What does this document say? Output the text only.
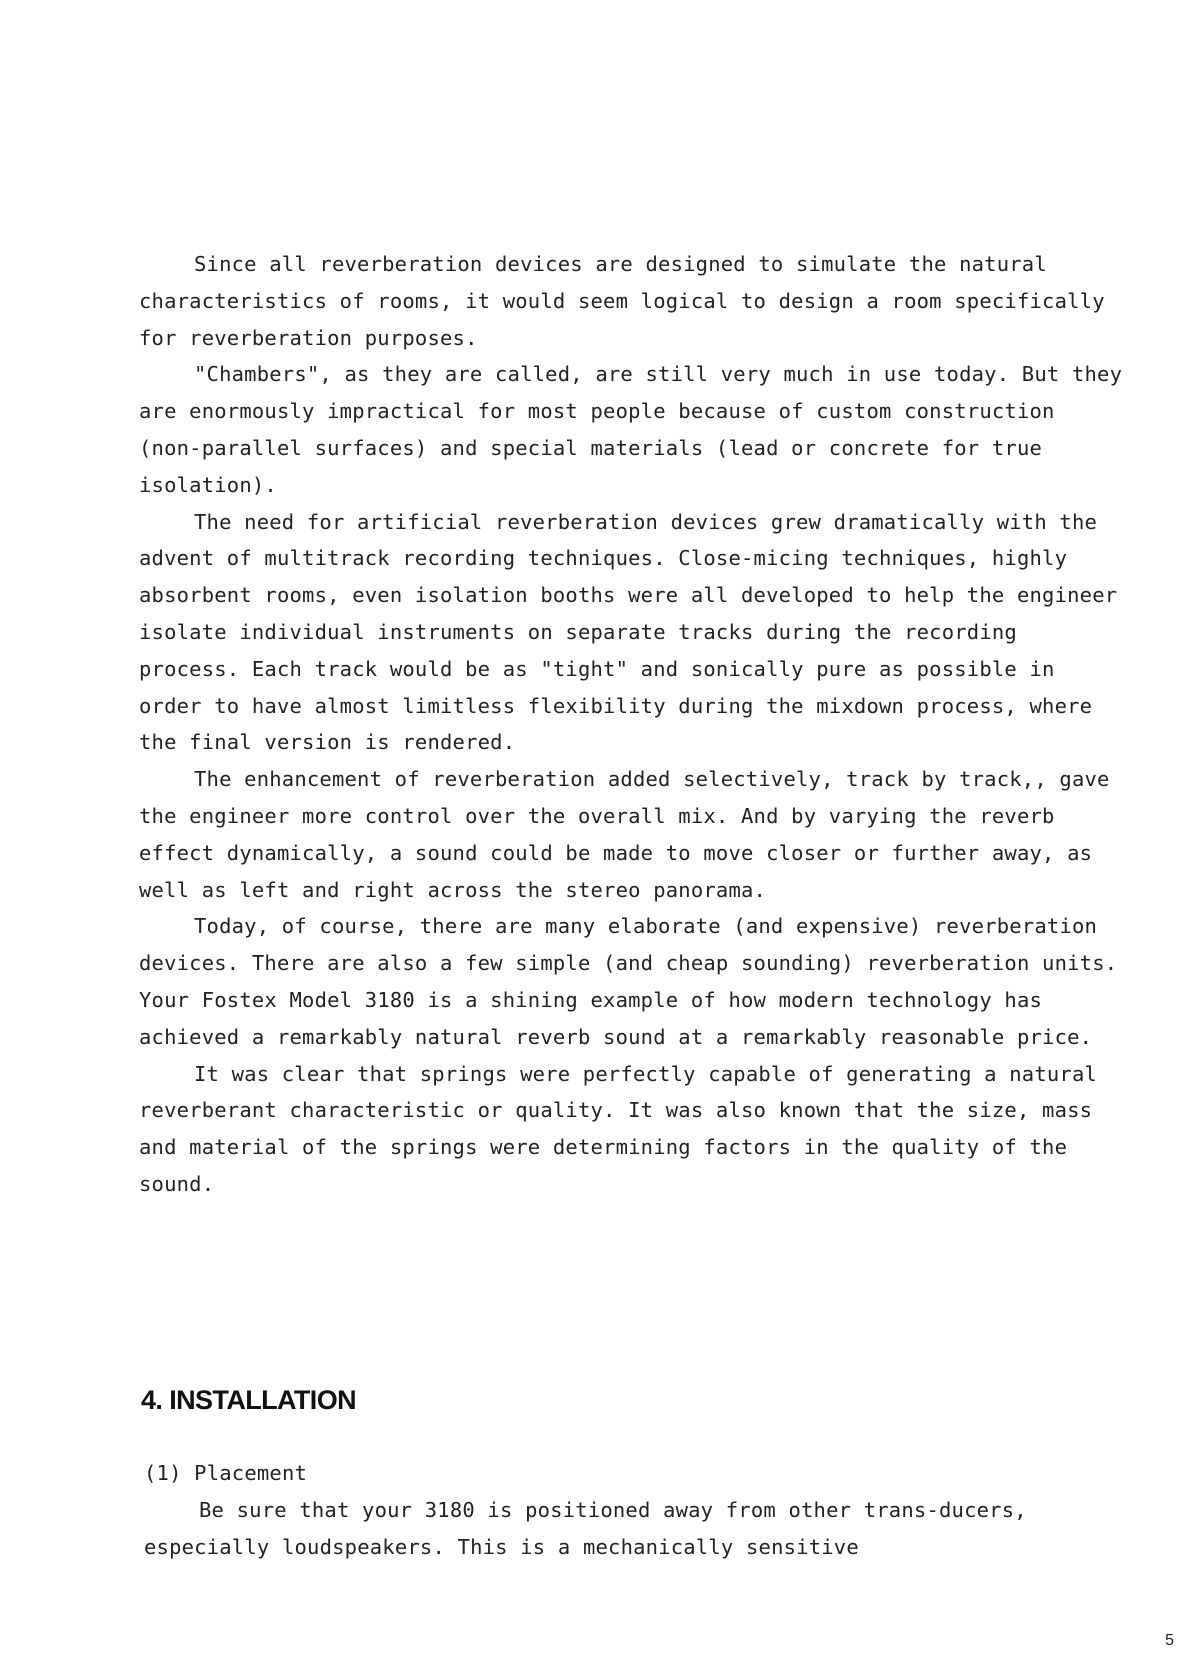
Since all reverberation devices are designed to simulate the natural characteristics of rooms, it would seem logical to design a room specifically for reverberation purposes.

"Chambers", as they are called, are still very much in use today. But they are enormously impractical for most people because of custom construction (non-parallel surfaces) and special materials (lead or concrete for true isolation).

The need for artificial reverberation devices grew dramatically with the advent of multitrack recording techniques. Close-micing techniques, highly absorbent rooms, even isolation booths were all developed to help the engineer isolate individual instruments on separate tracks during the recording process. Each track would be as "tight" and sonically pure as possible in order to have almost limitless flexibility during the mixdown process, where the final version is rendered.

The enhancement of reverberation added selectively, track by track,, gave the engineer more control over the overall mix. And by varying the reverb effect dynamically, a sound could be made to move closer or further away, as well as left and right across the stereo panorama.

Today, of course, there are many elaborate (and expensive) reverberation devices. There are also a few simple (and cheap sounding) reverberation units. Your Fostex Model 3180 is a shining example of how modern technology has achieved a remarkably natural reverb sound at a remarkably reasonable price.

It was clear that springs were perfectly capable of generating a natural reverberant characteristic or quality. It was also known that the size, mass and material of the springs were determining factors in the quality of the sound.

4. INSTALLATION

(1) Placement

Be sure that your 3180 is positioned away from other trans-ducers, especially loudspeakers. This is a mechanically sensitive

5
